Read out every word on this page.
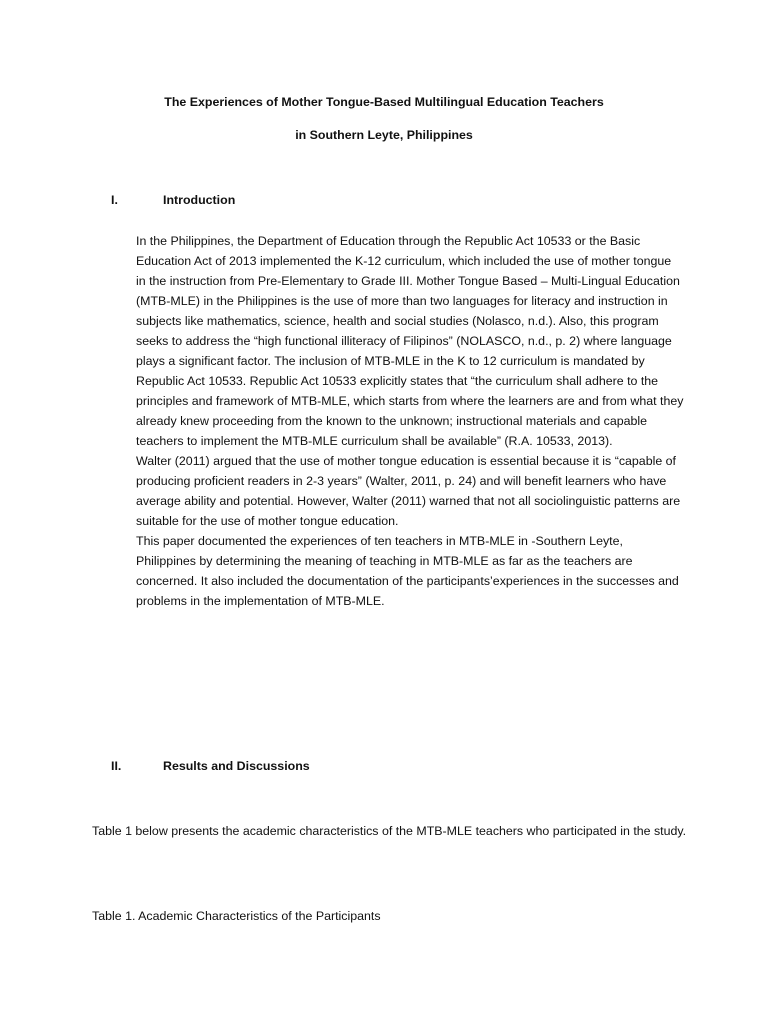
The Experiences of Mother Tongue-Based Multilingual Education Teachers
in Southern Leyte, Philippines
I.	Introduction

In the Philippines, the Department of Education through the Republic Act 10533 or the Basic Education Act of 2013 implemented the K-12 curriculum, which included the use of mother tongue in the instruction from Pre-Elementary to Grade III. Mother Tongue Based – Multi-Lingual Education (MTB-MLE) in the Philippines is the use of more than two languages for literacy and instruction in subjects like mathematics, science, health and social studies (Nolasco, n.d.). Also, this program seeks to address the “high functional illiteracy of Filipinos” (NOLASCO, n.d., p. 2) where language plays a significant factor. The inclusion of MTB-MLE in the K to 12 curriculum is mandated by Republic Act 10533. Republic Act 10533 explicitly states that “the curriculum shall adhere to the principles and framework of MTB-MLE, which starts from where the learners are and from what they already knew proceeding from the known to the unknown; instructional materials and capable teachers to implement the MTB-MLE curriculum shall be available” (R.A. 10533, 2013).

Walter (2011) argued that the use of mother tongue education is essential because it is “capable of producing proficient readers in 2-3 years” (Walter, 2011, p. 24) and will benefit learners who have average ability and potential. However, Walter (2011) warned that not all sociolinguistic patterns are suitable for the use of mother tongue education.

This paper documented the experiences of ten teachers in MTB-MLE in -Southern Leyte, Philippines by determining the meaning of teaching in MTB-MLE as far as the teachers are concerned. It also included the documentation of the participants’experiences in the successes and problems in the implementation of MTB-MLE.

II.	Results and Discussions

Table 1 below presents the academic characteristics of the MTB-MLE teachers who participated in the study.

Table 1. Academic Characteristics of the Participants
